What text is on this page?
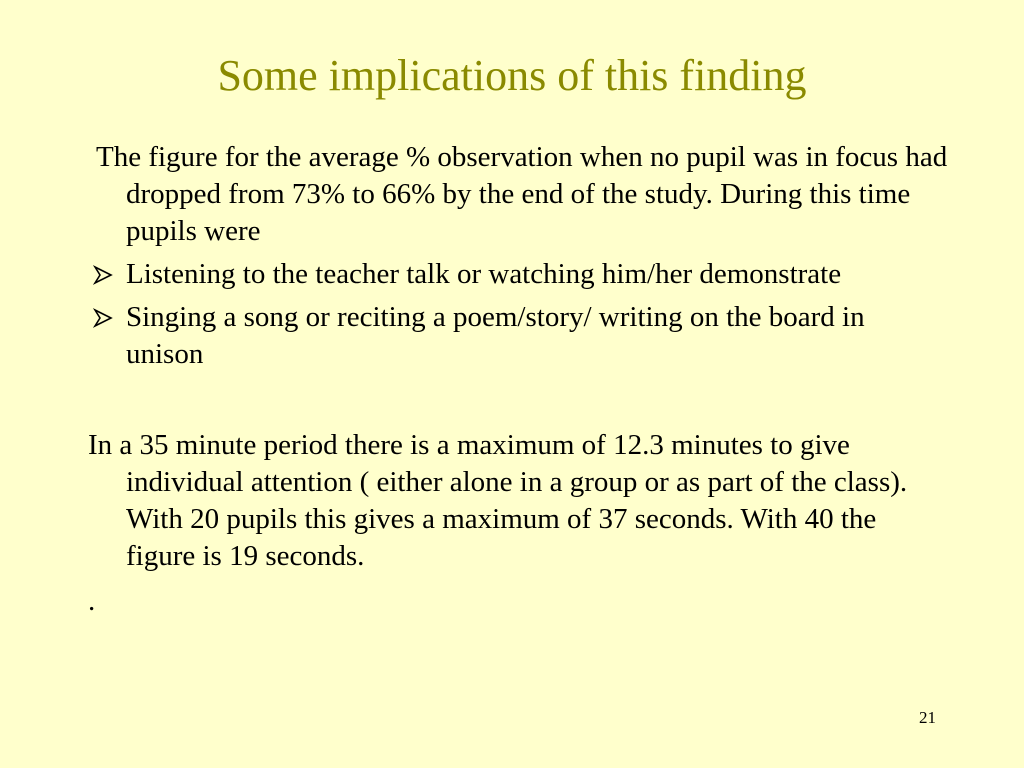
Some implications of this finding

The figure for the average % observation when no pupil was in focus had dropped from 73% to 66% by the end of the study. During this time pupils were

Listening to the teacher talk or watching him/her demonstrate
Singing a song or reciting a poem/story/ writing on the board in unison

In a 35 minute period there is a maximum of 12.3 minutes to give individual attention ( either alone in a group or as part of the class). With 20 pupils this gives a maximum of 37 seconds. With 40 the figure is 19 seconds.

.

21
